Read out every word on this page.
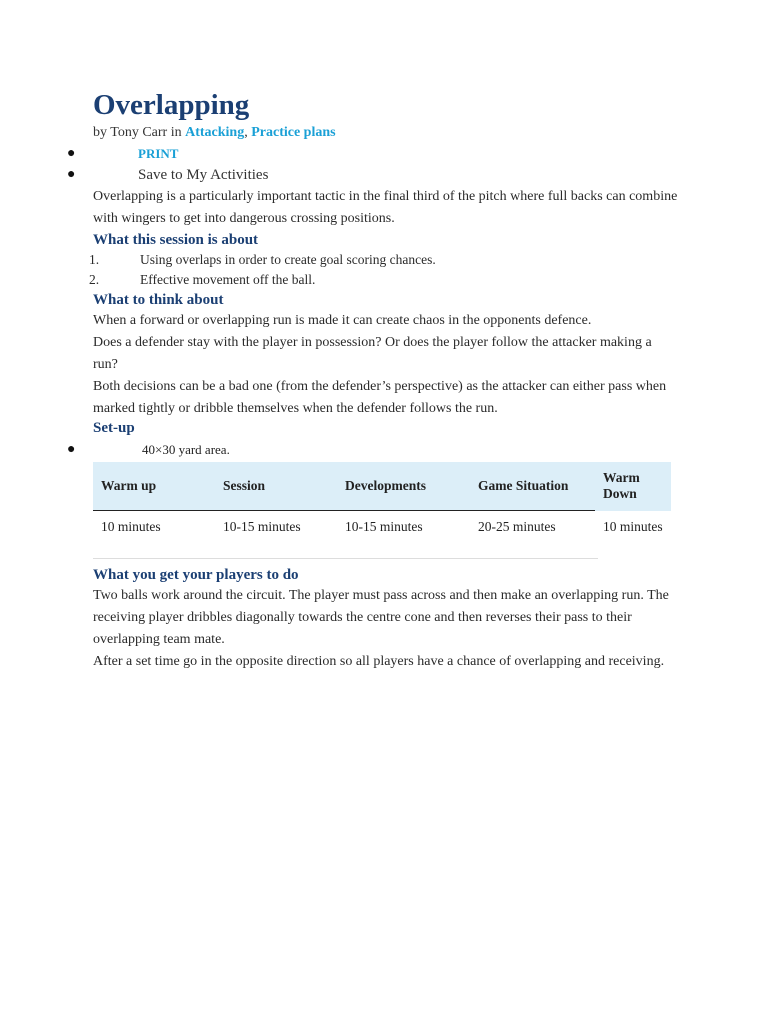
Overlapping
by Tony Carr in Attacking, Practice plans
●	PRINT
●	Save to My Activities

Overlapping is a particularly important tactic in the final third of the pitch where full backs can combine with wingers to get into dangerous crossing positions.

What this session is about
1.	Using overlaps in order to create goal scoring chances.
2.	Effective movement off the ball.
What to think about

When a forward or overlapping run is made it can create chaos in the opponents defence.

Does a defender stay with the player in possession? Or does the player follow the attacker making a run?

Both decisions can be a bad one (from the defender’s perspective) as the attacker can either pass when marked tightly or dribble themselves when the defender follows the run.

Set-up
●	40×30 yard area.
Warm up	Session	Developments	Game Situation	Warm Down
10 minutes	10-15 minutes	10-15 minutes	20-25 minutes	10 minutes
What you get your players to do

Two balls work around the circuit. The player must pass across and then make an overlapping run. The receiving player dribbles diagonally towards the centre cone and then reverses their pass to their overlapping team mate.

After a set time go in the opposite direction so all players have a chance of overlapping and receiving.
